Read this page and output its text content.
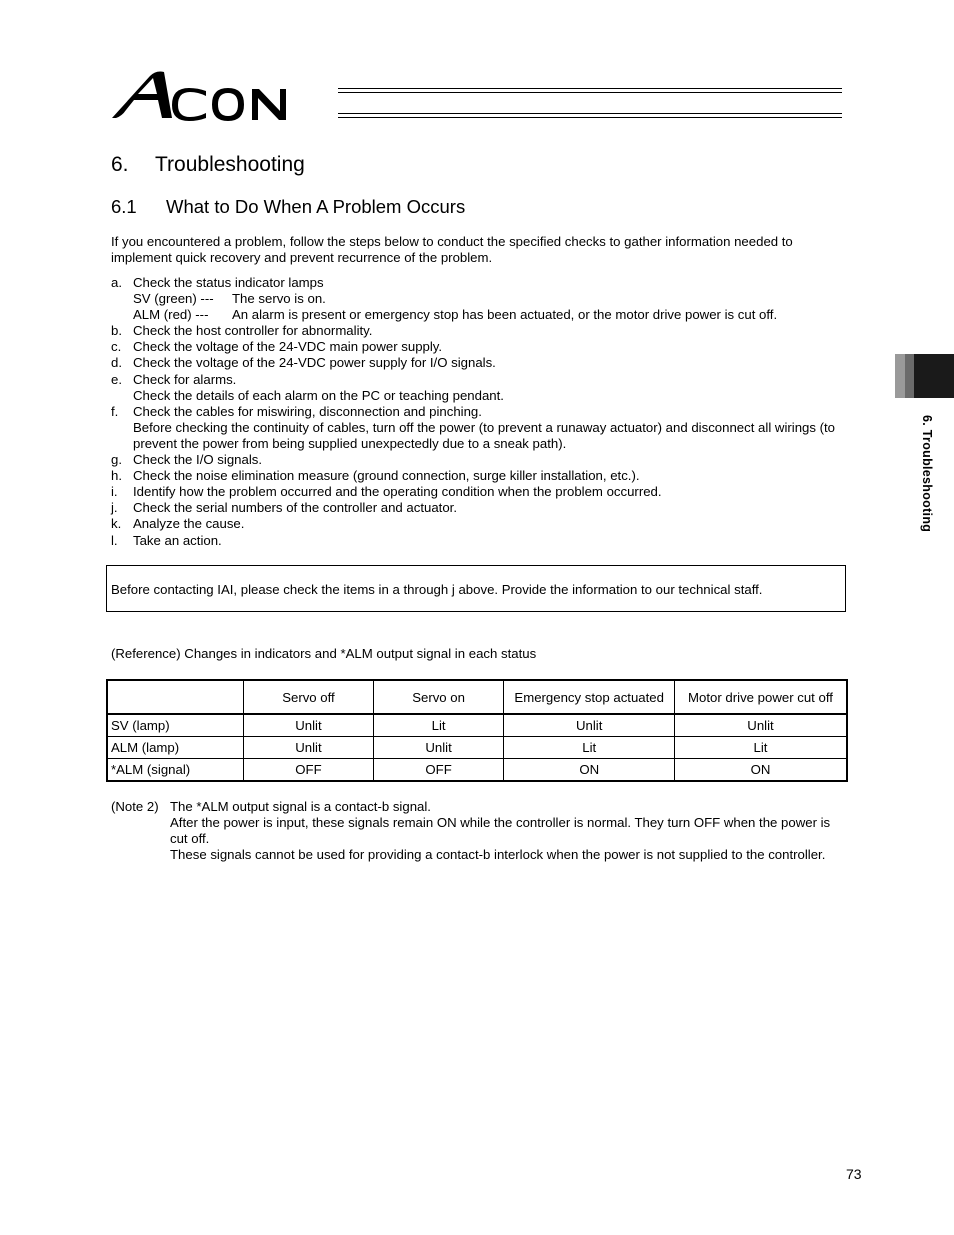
6. Troubleshooting
6. Troubleshooting
6.1 What to Do When A Problem Occurs
If you encountered a problem, follow the steps below to conduct the specified checks to gather information needed to implement quick recovery and prevent recurrence of the problem.
a. Check the status indicator lamps
SV (green) ---	The servo is on.
ALM (red) ---	An alarm is present or emergency stop has been actuated, or the motor drive power is cut off.
b. Check the host controller for abnormality.
c. Check the voltage of the 24-VDC main power supply.
d. Check the voltage of the 24-VDC power supply for I/O signals.
e. Check for alarms.
Check the details of each alarm on the PC or teaching pendant.
f. Check the cables for miswiring, disconnection and pinching.
Before checking the continuity of cables, turn off the power (to prevent a runaway actuator) and disconnect all wirings (to prevent the power from being supplied unexpectedly due to a sneak path).
g. Check the I/O signals.
h. Check the noise elimination measure (ground connection, surge killer installation, etc.).
i. Identify how the problem occurred and the operating condition when the problem occurred.
j. Check the serial numbers of the controller and actuator.
k. Analyze the cause.
l. Take an action.
Before contacting IAI, please check the items in a through j above. Provide the information to our technical staff.
(Reference) Changes in indicators and *ALM output signal in each status
	Servo off	Servo on	Emergency stop actuated	Motor drive power cut off
SV (lamp)	Unlit	Lit	Unlit	Unlit
ALM (lamp)	Unlit	Unlit	Lit	Lit
*ALM (signal)	OFF	OFF	ON	ON
(Note 2) The *ALM output signal is a contact-b signal.
After the power is input, these signals remain ON while the controller is normal. They turn OFF when the power is cut off.
These signals cannot be used for providing a contact-b interlock when the power is not supplied to the controller.
73
